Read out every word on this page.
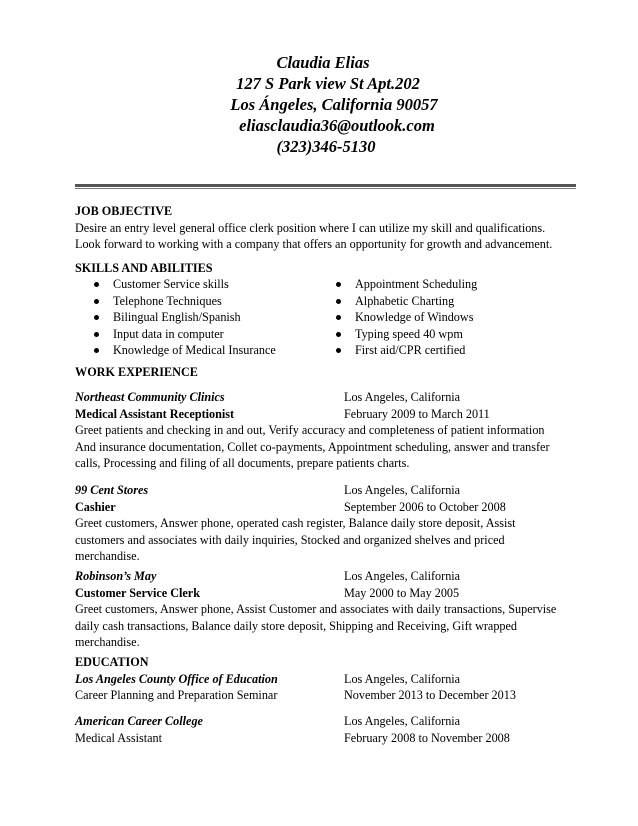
Claudia Elias
127 S Park view St Apt.202
Los Ángeles, California 90057
eliasclaudia36@outlook.com
(323)346-5130
JOB OBJECTIVE
Desire an entry level general office clerk position where I can utilize my skill and qualifications.
Look forward to working with a company that offers an opportunity for growth and advancement.
SKILLS AND ABILITIES
Customer Service skills
Telephone Techniques
Bilingual English/Spanish
Input data in computer
Knowledge of Medical Insurance
Appointment Scheduling
Alphabetic Charting
Knowledge of Windows
Typing speed 40 wpm
First aid/CPR certified
WORK EXPERIENCE
Northeast Community Clinics	Los Angeles, California
Medical Assistant Receptionist	February 2009 to March 2011
Greet patients and checking in and out, Verify accuracy and completeness of patient information
And insurance documentation, Collet co-payments, Appointment scheduling, answer and transfer
calls, Processing and filing of all documents, prepare patients charts.
99 Cent Stores	Los Angeles, California
Cashier	September 2006 to October 2008
Greet customers, Answer phone, operated cash register, Balance daily store deposit, Assist
customers and associates with daily inquiries, Stocked and organized shelves and priced
merchandise.
Robinson’s May	Los Angeles, California
Customer Service Clerk	May 2000 to May 2005
Greet customers, Answer phone, Assist Customer and associates with daily transactions, Supervise
daily cash transactions, Balance daily store deposit, Shipping and Receiving, Gift wrapped
merchandise.
EDUCATION
Los Angeles County Office of Education	Los Angeles, California
Career Planning and Preparation Seminar	November 2013 to December 2013
American Career College	Los Angeles, California
Medical Assistant	February 2008 to November 2008
